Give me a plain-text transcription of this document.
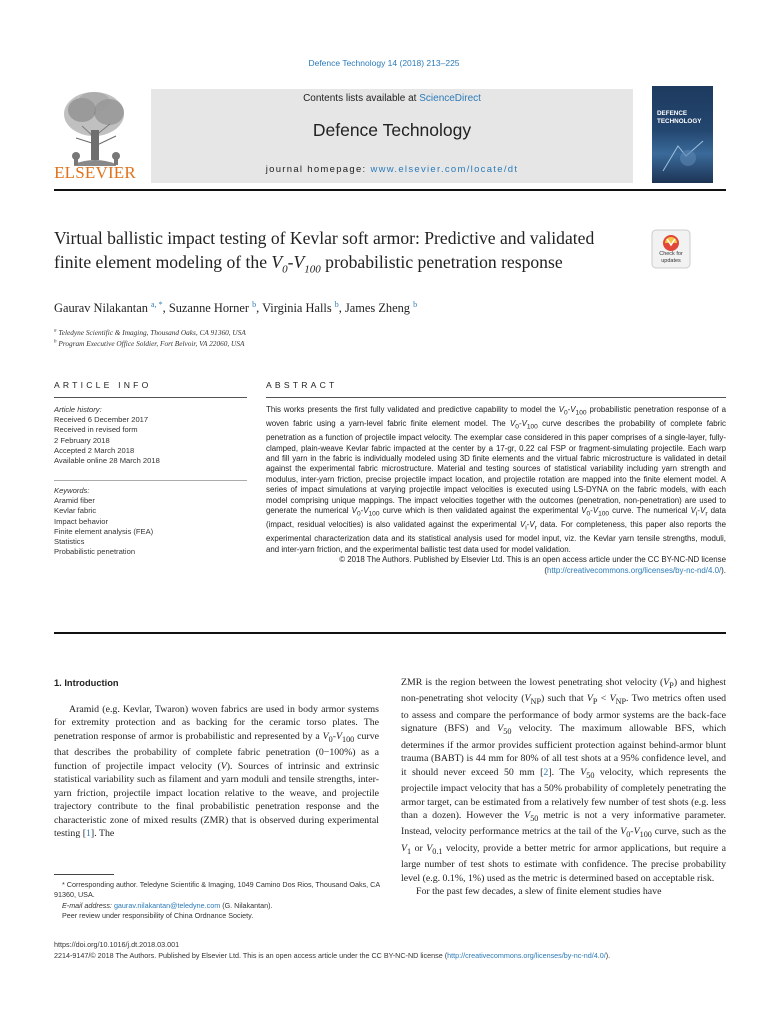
Defence Technology 14 (2018) 213–225
ELSEVIER
Contents lists available at ScienceDirect
Defence Technology
journal homepage: www.elsevier.com/locate/dt
DEFENCE
TECHNOLOGY
Virtual ballistic impact testing of Kevlar soft armor: Predictive and validated finite element modeling of the $V_0-V_{100}$ probabilistic penetration response	Check for
updates
Gaurav Nilakantan $^{a, *}$, Suzanne Horner $^b$, Virginia Halls $^b$, James Zheng $^b$
$^a$ Teledyne Scientific & Imaging, Thousand Oaks, CA 91360, USA
$^b$ Program Executive Office Soldier, Fort Belvoir, VA 22060, USA
ARTICLE INFO	ABSTRACT
Article history:
Received 6 December 2017
Received in revised form
2 February 2018
Accepted 2 March 2018
Available online 28 March 2018
Keywords:
Aramid fiber
Kevlar fabric
Impact behavior
Finite element analysis (FEA)
Statistics
Probabilistic penetration

This works presents the first fully validated and predictive capability to model the $V_0-V_{100}$ probabilistic penetration response of a woven fabric using a yarn-level fabric finite element model. The $V_0-V_{100}$ curve describes the probability of complete fabric penetration as a function of projectile impact velocity. The exemplar case considered in this paper comprises of a single-layer, fully-clamped, plain-weave Kevlar fabric impacted at the center by a 17-gr, 0.22 cal FSP or fragment-simulating projectile. Each warp and fill yarn in the fabric is individually modeled using 3D finite elements and the virtual fabric microstructure is validated in detail against the experimental fabric microstructure. Material and testing sources of statistical variability including yarn strength and modulus, inter-yarn friction, precise projectile impact location, and projectile rotation are mapped into the finite element model. A series of impact simulations at varying projectile impact velocities is executed using LS-DYNA on the fabric models, with each model comprising unique mappings. The impact velocities together with the outcomes (penetration, non-penetration) are used to generate the numerical $V_0-V_{100}$ curve which is then validated against the experimental $V_0-V_{100}$ curve. The numerical $V_i-V_r$ data (impact, residual velocities) is also validated against the experimental $V_i-V_r$ data. For completeness, this paper also reports the experimental characterization data and its statistical analysis used for model input, viz. the Kevlar yarn tensile strengths, moduli, and inter-yarn friction, and the experimental ballistic test data used for model validation.

© 2018 The Authors. Published by Elsevier Ltd. This is an open access article under the CC BY-NC-ND license (http://creativecommons.org/licenses/by-nc-nd/4.0/).

1. Introduction

Aramid (e.g. Kevlar, Twaron) woven fabrics are used in body armor systems for extremity protection and as backing for the ceramic torso plates. The penetration response of armor is probabilistic and represented by a $V_0-V_{100}$ curve that describes the probability of complete fabric penetration (0−100%) as a function of projectile impact velocity (V). Sources of intrinsic and extrinsic statistical variability such as filament and yarn moduli and tensile strengths, inter-yarn friction, projectile impact location relative to the weave, and projectile trajectory contribute to the final probabilistic penetration response and the characteristic zone of mixed results (ZMR) that is observed during experimental testing [1]. The

* Corresponding author. Teledyne Scientific & Imaging, 1049 Camino Dos Rios, Thousand Oaks, CA 91360, USA.
E-mail address: gaurav.nilakantan@teledyne.com (G. Nilakantan).
Peer review under responsibility of China Ordnance Society.

ZMR is the region between the lowest penetrating shot velocity $(V_P)$ and highest non-penetrating shot velocity $(V_{NP})$ such that $V_P < V_{NP}$. Two metrics often used to assess and compare the performance of body armor systems are the back-face signature (BFS) and $V_{50}$ velocity. The maximum allowable BFS, which determines if the armor provides sufficient protection against behind-armor blunt trauma (BABT) is 44 mm for 80% of all test shots at a 95% confidence level, and it should never exceed 50 mm [2]. The $V_{50}$ velocity, which represents the projectile impact velocity that has a 50% probability of completely penetrating the armor target, can be estimated from a relatively few number of test shots (e.g. less than a dozen). However the $V_{50}$ metric is not a very informative parameter. Instead, velocity performance metrics at the tail of the $V_0-V_{100}$ curve, such as the $V_1$ or $V_{0.1}$ velocity, provide a better metric for armor applications, but require a large number of test shots to estimate with confidence. The precise probability level (e.g. 0.1%, 1%) used as the metric is determined based on acceptable risk.

For the past few decades, a slew of finite element studies have

https://doi.org/10.1016/j.dt.2018.03.001
2214-9147/© 2018 The Authors. Published by Elsevier Ltd. This is an open access article under the CC BY-NC-ND license (http://creativecommons.org/licenses/by-nc-nd/4.0/).
